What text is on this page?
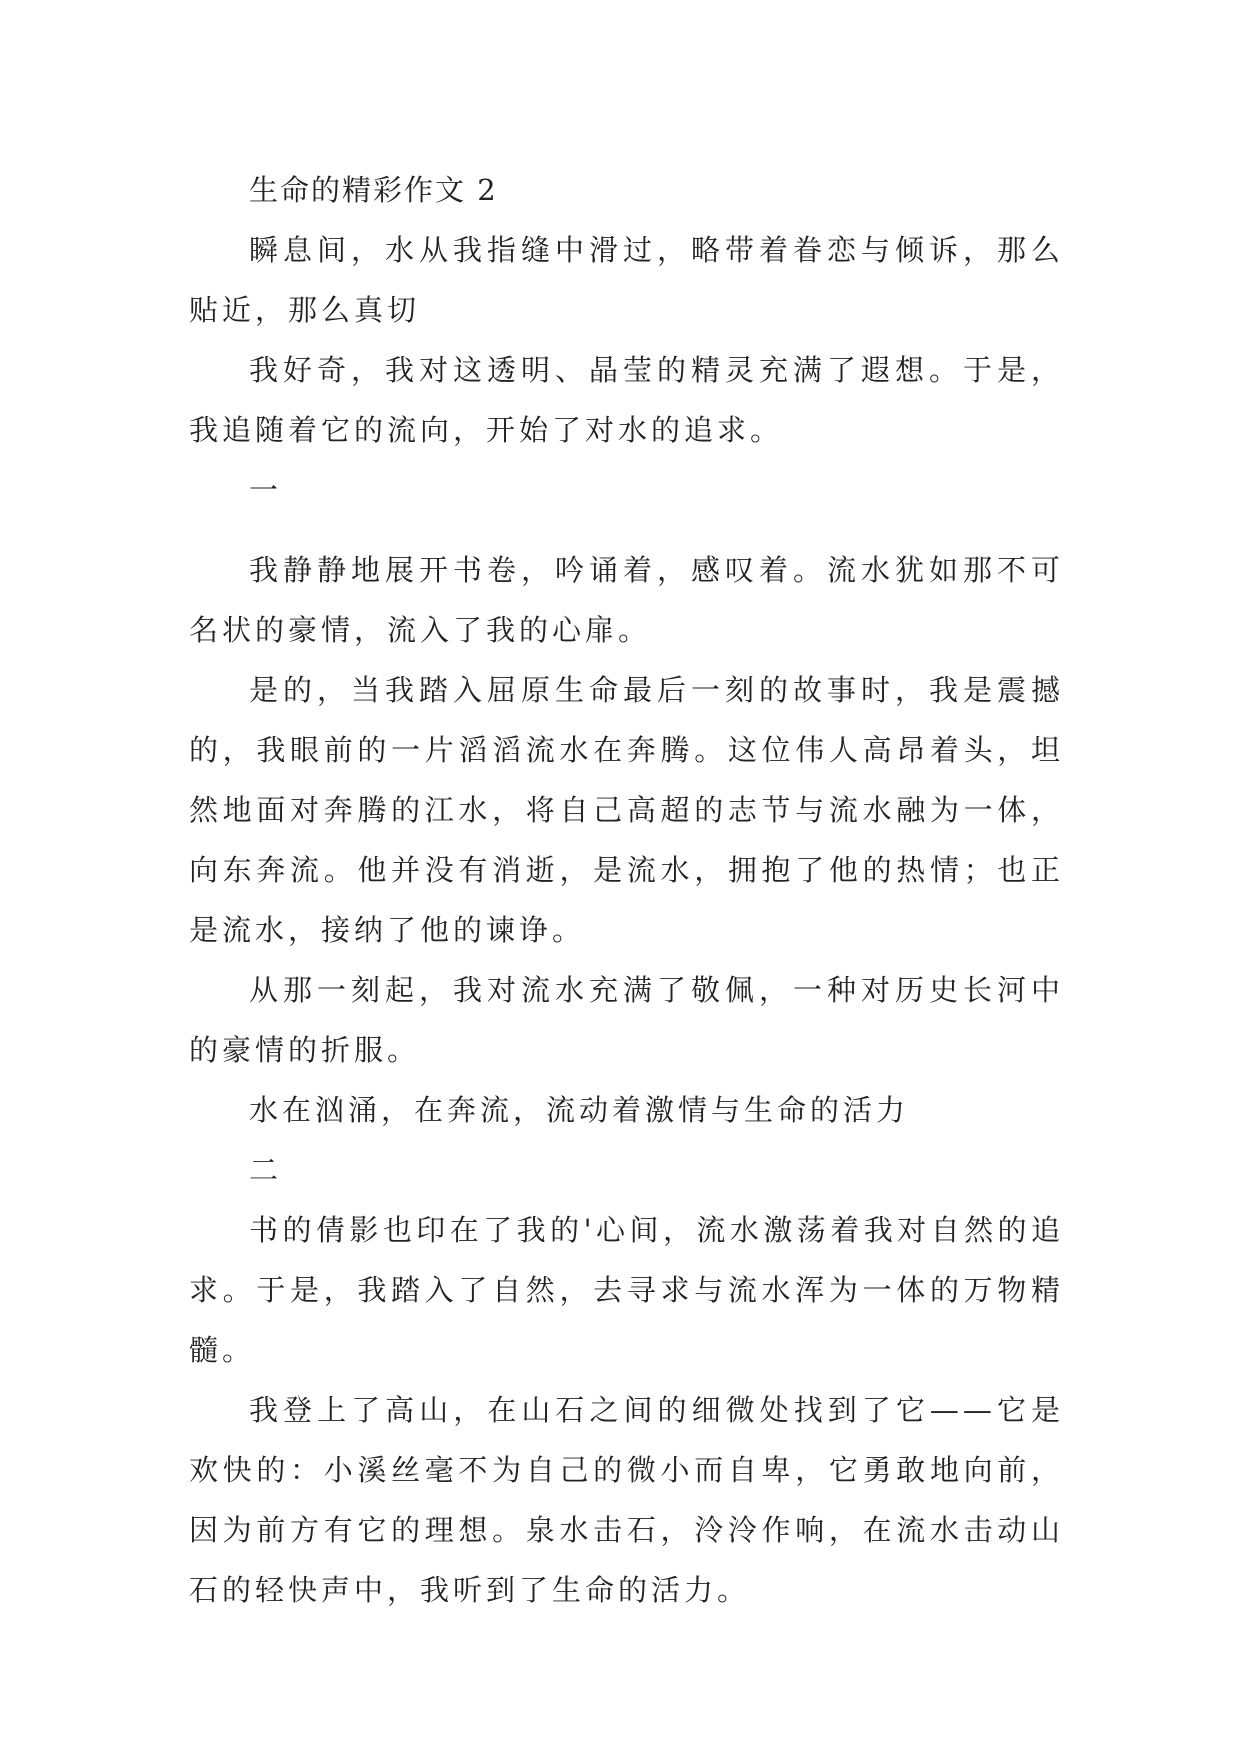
生命的精彩作文 2

瞬息间，水从我指缝中滑过，略带着眷恋与倾诉，那么贴近，那么真切

我好奇，我对这透明、晶莹的精灵充满了遐想。于是，我追随着它的流向，开始了对水的追求。

一

我静静地展开书卷，吟诵着，感叹着。流水犹如那不可名状的豪情，流入了我的心扉。

是的，当我踏入屈原生命最后一刻的故事时，我是震撼的，我眼前的一片滔滔流水在奔腾。这位伟人高昂着头，坦然地面对奔腾的江水，将自己高超的志节与流水融为一体，向东奔流。他并没有消逝，是流水，拥抱了他的热情；也正是流水，接纳了他的谏诤。

从那一刻起，我对流水充满了敬佩，一种对历史长河中的豪情的折服。

水在汹涌，在奔流，流动着激情与生命的活力

二

书的倩影也印在了我的'心间，流水激荡着我对自然的追求。于是，我踏入了自然，去寻求与流水浑为一体的万物精髓。

我登上了高山，在山石之间的细微处找到了它——它是欢快的：小溪丝毫不为自己的微小而自卑，它勇敢地向前，因为前方有它的理想。泉水击石，泠泠作响，在流水击动山石的轻快声中，我听到了生命的活力。
